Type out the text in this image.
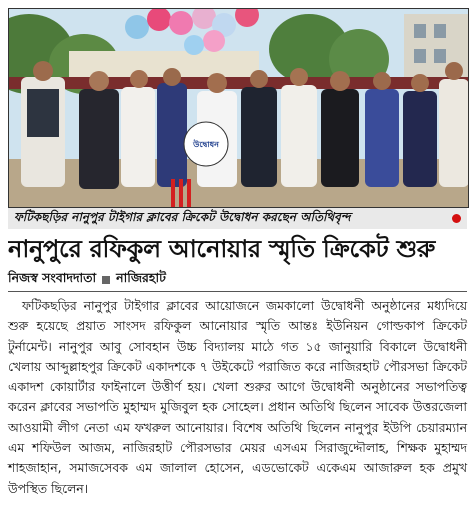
উদ্বোধন
ফটিকছড়ির নানুপুর টাইগার ক্লাবের ক্রিকেট উদ্বোধন করছেন অতিথিবৃন্দ
নানুপুরে রফিকুল আনোয়ার স্মৃতি ক্রিকেট শুরু
নিজস্ব সংবাদদাতা নাজিরহাট

ফটিকছড়ির নানুপুর টাইগার ক্লাবের আয়োজনে জমকালো উদ্বোধনী অনুষ্ঠানের মধ্যদিয়ে শুরু হয়েছে প্রয়াত সাংসদ রফিকুল আনোয়ার স্মৃতি আন্তঃ ইউনিয়ন গোল্ডকাপ ক্রিকেট টুর্নামেন্ট। নানুপুর আবু সোবহান উচ্চ বিদ্যালয় মাঠে গত ১৫ জানুয়ারি বিকালে উদ্বোধনী খেলায় আব্দুল্লাহপুর ক্রিকেট একাদশকে ৭ উইকেটে পরাজিত করে নাজিরহাট পৌরসভা ক্রিকেট একাদশ কোয়ার্টার ফাইনালে উত্তীর্ণ হয়। খেলা শুরুর আগে উদ্বোধনী অনুষ্ঠানের সভাপতিত্ব করেন ক্লাবের সভাপতি মুহাম্মদ মুজিবুল হক সোহেল। প্রধান অতিথি ছিলেন সাবেক উত্তরজেলা আওয়ামী লীগ নেতা এম ফখরুল আনোয়ার। বিশেষ অতিথি ছিলেন নানুপুর ইউপি চেয়ারম্যান এম শফিউল আজম, নাজিরহাট পৌরসভার মেয়র এসএম সিরাজুদ্দৌলাহ, শিক্ষক মুহাম্মদ শাহজাহান, সমাজসেবক এম জালাল হোসেন, এডভোকেট একেএম আজারুল হক প্রমুখ উপস্থিত ছিলেন।
